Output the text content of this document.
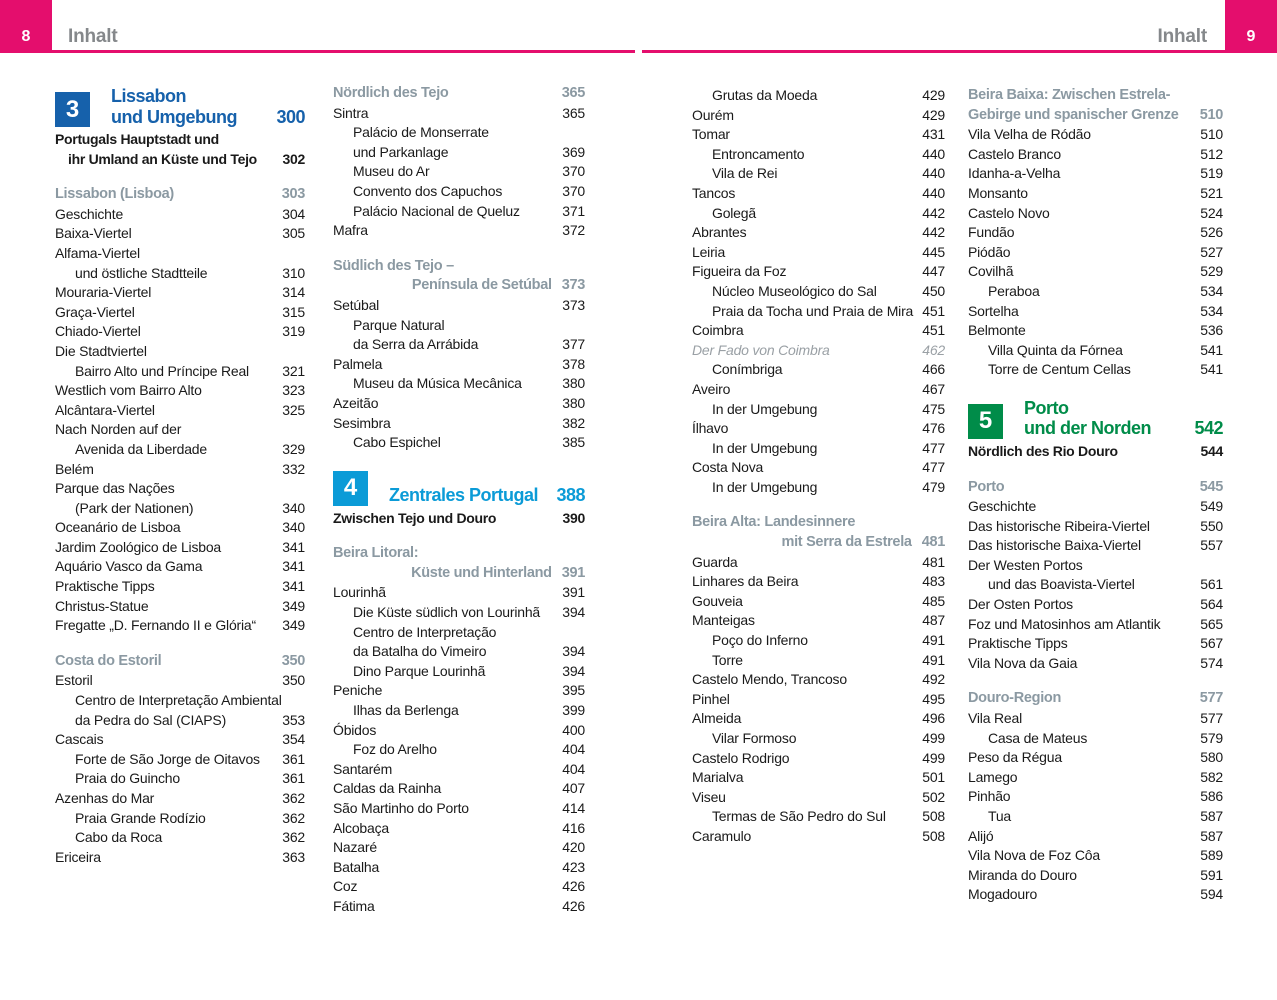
8 Inhalt	Inhalt 9
3 Lissabon
und Umgebung	300
Portugals Hauptstadt und
ihr Umland an Küste und Tejo	302
Lissabon (Lisboa)	303
Geschichte	304
Baixa-Viertel	305
Alfama-Viertel
und östliche Stadtteile	310
Mouraria-Viertel	314
Graça-Viertel	315
Chiado-Viertel	319
Die Stadtviertel
Bairro Alto und Príncipe Real	321
Westlich vom Bairro Alto	323
Alcântara-Viertel	325
Nach Norden auf der
Avenida da Liberdade	329
Belém	332
Parque das Nações
(Park der Nationen)	340
Oceanário de Lisboa	340
Jardim Zoológico de Lisboa	341
Aquário Vasco da Gama	341
Praktische Tipps	341
Christus-Statue	349
Fregatte „D. Fernando II e Glória“	349
Costa do Estoril	350
Estoril	350
Centro de Interpretação Ambiental
da Pedra do Sal (CIAPS)	353
Cascais	354
Forte de São Jorge de Oitavos	361
Praia do Guincho	361
Azenhas do Mar	362
Praia Grande Rodízio	362
Cabo da Roca	362
Ericeira	363
Nördlich des Tejo	365
Sintra	365
Palácio de Monserrate
und Parkanlage	369
Museu do Ar	370
Convento dos Capuchos	370
Palácio Nacional de Queluz	371
Mafra	372
Südlich des Tejo –
Península de Setúbal 373
Setúbal	373
Parque Natural
da Serra da Arrábida	377
Palmela	378
Museu da Música Mecânica	380
Azeitão	380
Sesimbra	382
Cabo Espichel	385
4 Zentrales Portugal	388
Zwischen Tejo und Douro	390
Beira Litoral:
Küste und Hinterland 391
Lourinhã	391
Die Küste südlich von Lourinhã	394
Centro de Interpretação
da Batalha do Vimeiro	394
Dino Parque Lourinhã	394
Peniche	395
Ilhas da Berlenga	399
Óbidos	400
Foz do Arelho	404
Santarém	404
Caldas da Rainha	407
São Martinho do Porto	414
Alcobaça	416
Nazaré	420
Batalha	423
Coz	426
Fátima	426
Grutas da Moeda	429
Ourém	429
Tomar	431
Entroncamento	440
Vila de Rei	440
Tancos	440
Golegã	442
Abrantes	442
Leiria	445
Figueira da Foz	447
Núcleo Museológico do Sal	450
Praia da Tocha und Praia de Mira 451
Coimbra	451
Der Fado von Coimbra	462
Conímbriga	466
Aveiro	467
In der Umgebung	475
Ílhavo	476
In der Umgebung	477
Costa Nova	477
In der Umgebung	479
Beira Alta: Landesinnere
mit Serra da Estrela 481
Guarda	481
Linhares da Beira	483
Gouveia	485
Manteigas	487
Poço do Inferno	491
Torre	491
Castelo Mendo, Trancoso	492
Pinhel	495
Almeida	496
Vilar Formoso	499
Castelo Rodrigo	499
Marialva	501
Viseu	502
Termas de São Pedro do Sul	508
Caramulo	508
Beira Baixa: Zwischen Estrela-
Gebirge und spanischer Grenze	510
Vila Velha de Ródão	510
Castelo Branco	512
Idanha-a-Velha	519
Monsanto	521
Castelo Novo	524
Fundão	526
Piódão	527
Covilhã	529
Peraboa	534
Sortelha	534
Belmonte	536
Villa Quinta da Fórnea	541
Torre de Centum Cellas	541
5 Porto
und der Norden	542
Nördlich des Rio Douro	544
Porto	545
Geschichte	549
Das historische Ribeira-Viertel	550
Das historische Baixa-Viertel	557
Der Westen Portos
und das Boavista-Viertel	561
Der Osten Portos	564
Foz und Matosinhos am Atlantik	565
Praktische Tipps	567
Vila Nova da Gaia	574
Douro-Region	577
Vila Real	577
Casa de Mateus	579
Peso da Régua	580
Lamego	582
Pinhão	586
Tua	587
Alijó	587
Vila Nova de Foz Côa	589
Miranda do Douro	591
Mogadouro	594
